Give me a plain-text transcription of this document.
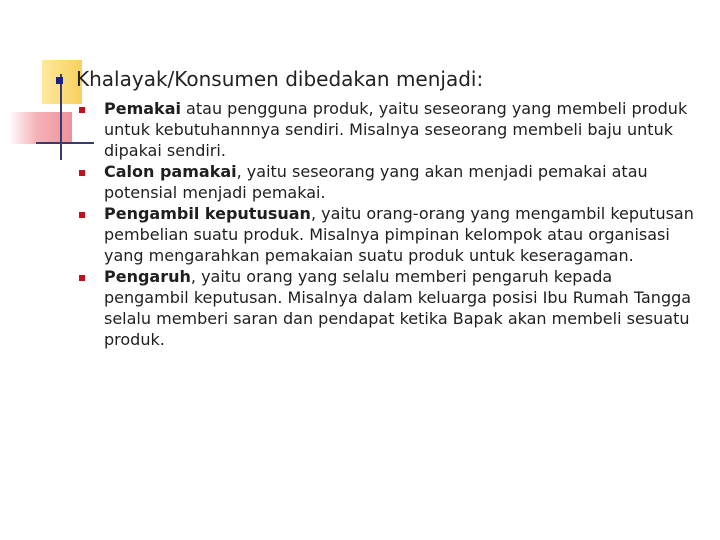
Khalayak/Konsumen dibedakan menjadi:
Pemakai atau pengguna produk, yaitu seseorang yang membeli produk untuk kebutuhannnya sendiri. Misalnya seseorang membeli baju untuk dipakai sendiri.
Calon pamakai, yaitu seseorang yang akan menjadi pemakai atau potensial menjadi pemakai.
Pengambil keputusuan, yaitu orang-orang yang mengambil keputusan pembelian suatu produk. Misalnya pimpinan kelompok atau organisasi yang mengarahkan pemakaian suatu produk untuk keseragaman.
Pengaruh, yaitu orang yang selalu memberi pengaruh kepada pengambil keputusan. Misalnya dalam keluarga posisi Ibu Rumah Tangga selalu memberi saran dan pendapat ketika Bapak akan membeli sesuatu produk.
